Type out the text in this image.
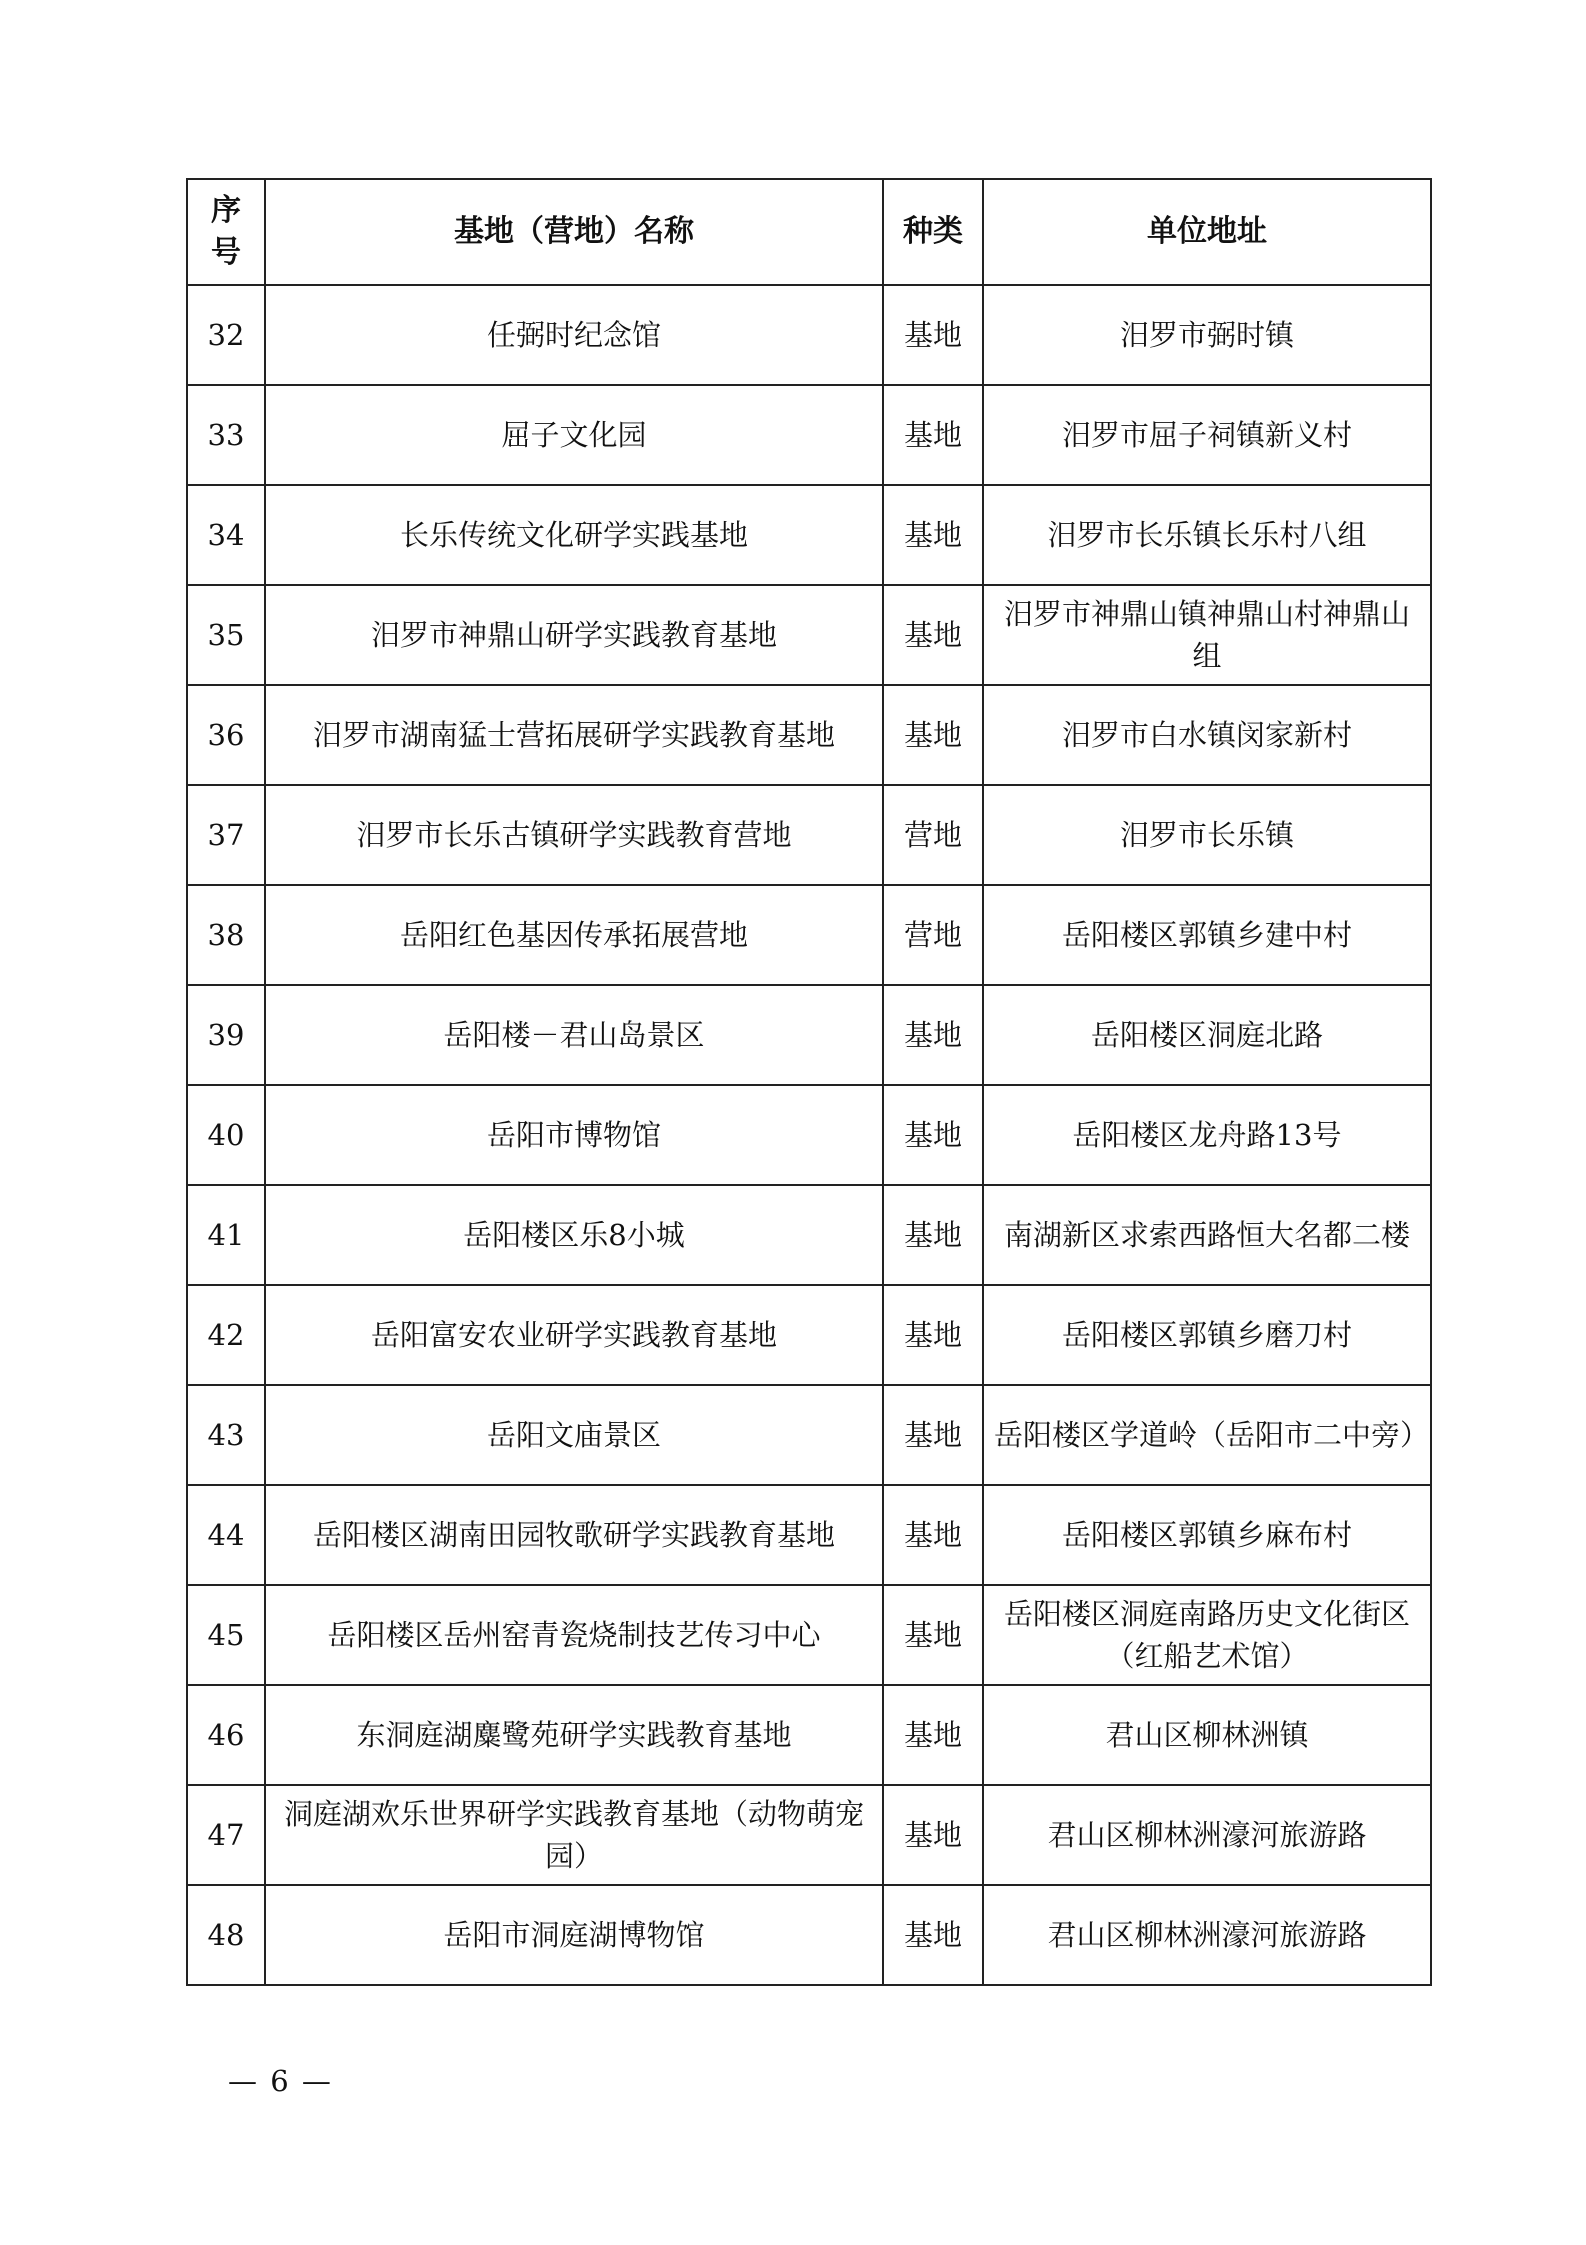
序号	基地（营地）名称	种类	单位地址
32	任弼时纪念馆	基地	汨罗市弼时镇
33	屈子文化园	基地	汨罗市屈子祠镇新义村
34	长乐传统文化研学实践基地	基地	汨罗市长乐镇长乐村八组
35	汨罗市神鼎山研学实践教育基地	基地	汨罗市神鼎山镇神鼎山村神鼎山组
36	汨罗市湖南猛士营拓展研学实践教育基地	基地	汨罗市白水镇闵家新村
37	汨罗市长乐古镇研学实践教育营地	营地	汨罗市长乐镇
38	岳阳红色基因传承拓展营地	营地	岳阳楼区郭镇乡建中村
39	岳阳楼－君山岛景区	基地	岳阳楼区洞庭北路
40	岳阳市博物馆	基地	岳阳楼区龙舟路13号
41	岳阳楼区乐8小城	基地	南湖新区求索西路恒大名都二楼
42	岳阳富安农业研学实践教育基地	基地	岳阳楼区郭镇乡磨刀村
43	岳阳文庙景区	基地	岳阳楼区学道岭（岳阳市二中旁）
44	岳阳楼区湖南田园牧歌研学实践教育基地	基地	岳阳楼区郭镇乡麻布村
45	岳阳楼区岳州窑青瓷烧制技艺传习中心	基地	岳阳楼区洞庭南路历史文化街区（红船艺术馆）
46	东洞庭湖麋鹭苑研学实践教育基地	基地	君山区柳林洲镇
47	洞庭湖欢乐世界研学实践教育基地（动物萌宠园）	基地	君山区柳林洲濠河旅游路
48	岳阳市洞庭湖博物馆	基地	君山区柳林洲濠河旅游路
— 6 —
